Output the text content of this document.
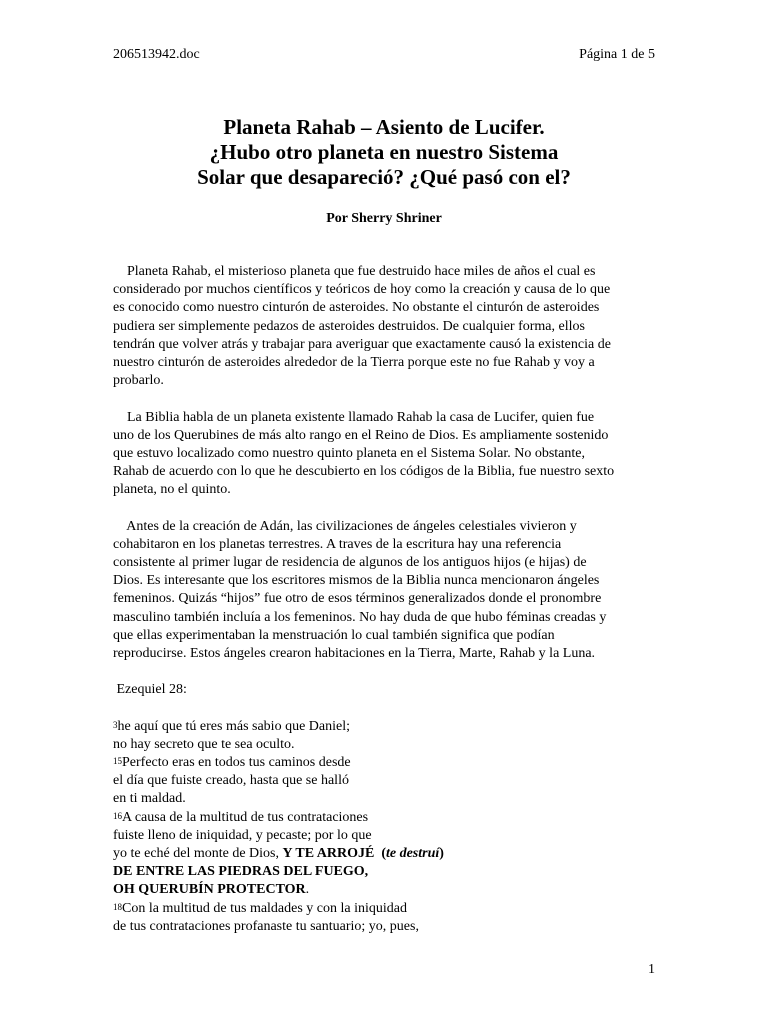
206513942.doc	Página 1 de 5
Planeta Rahab – Asiento de Lucifer.
¿Hubo otro planeta en nuestro Sistema
Solar que desapareció? ¿Qué pasó con el?
Por Sherry Shriner
Planeta Rahab, el misterioso planeta que fue destruido hace miles de años el cual es
considerado por muchos científicos y teóricos de hoy como la creación y causa de lo que
es conocido como nuestro cinturón de asteroides. No obstante el cinturón de asteroides
pudiera ser simplemente pedazos de asteroides destruidos. De cualquier forma, ellos
tendrán que volver atrás y trabajar para averiguar que exactamente causó la existencia de
nuestro cinturón de asteroides alrededor de la Tierra porque este no fue Rahab y voy a
probarlo.
La Biblia habla de un planeta existente llamado Rahab la casa de Lucifer, quien fue
uno de los Querubines de más alto rango en el Reino de Dios. Es ampliamente sostenido
que estuvo localizado como nuestro quinto planeta en el Sistema Solar. No obstante,
Rahab de acuerdo con lo que he descubierto en los códigos de la Biblia, fue nuestro sexto
planeta, no el quinto.
Antes de la creación de Adán, las civilizaciones de ángeles celestiales vivieron y
cohabitaron en los planetas terrestres. A traves de la escritura hay una referencia
consistente al primer lugar de residencia de algunos de los antiguos hijos (e hijas) de
Dios. Es interesante que los escritores mismos de la Biblia nunca mencionaron ángeles
femeninos. Quizás “hijos” fue otro de esos términos generalizados donde el pronombre
masculino también incluía a los femeninos. No hay duda de que hubo féminas creadas y
que ellas experimentaban la menstruación lo cual también significa que podían
reproducirse. Estos ángeles crearon habitaciones en la Tierra, Marte, Rahab y la Luna.
Ezequiel 28:
$^3$he aquí que tú eres más sabio que Daniel;
no hay secreto que te sea oculto.
$^{15}$Perfecto eras en todos tus caminos desde
el día que fuiste creado, hasta que se halló
en ti maldad.
$^{16}$A causa de la multitud de tus contrataciones
fuiste lleno de iniquidad, y pecaste; por lo que
yo te eché del monte de Dios, Y TE ARROJÉ  (te destruí)
DE ENTRE LAS PIEDRAS DEL FUEGO,
OH QUERUBÍN PROTECTOR.
$^{18}$Con la multitud de tus maldades y con la iniquidad
de tus contrataciones profanaste tu santuario; yo, pues,
1
